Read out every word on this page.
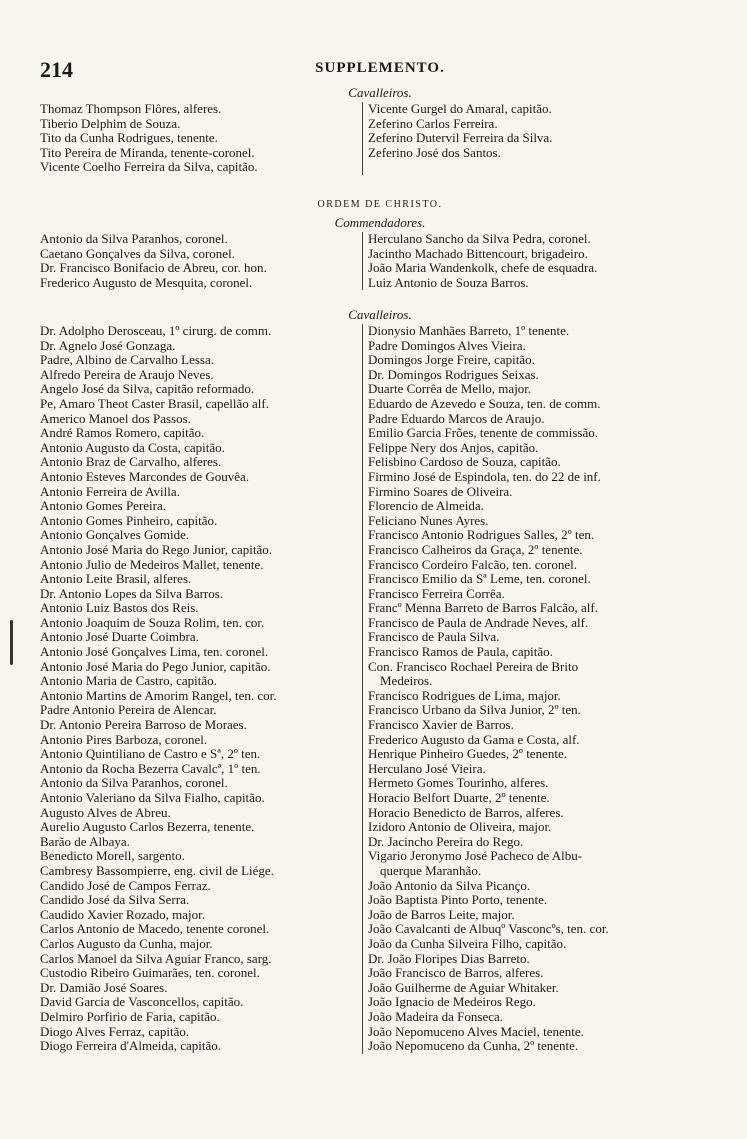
214	SUPPLEMENTO.
Cavalleiros.
Thomaz Thompson Flôres, alferes.
Tiberio Delphim de Souza.
Tito da Cunha Rodrigues, tenente.
Tito Pereira de Miranda, tenente-coronel.
Vicente Coelho Ferreira da Silva, capitão.
Vicente Gurgel do Amaral, capitão.
Zeferino Carlos Ferreira.
Zeferino Dutervil Ferreira da Silva.
Zeferino José dos Santos.
ORDEM DE CHRISTO.
Commendadores.
Antonio da Silva Paranhos, coronel.
Caetano Gonçalves da Silva, coronel.
Dr. Francisco Bonifacio de Abreu, cor. hon.
Frederico Augusto de Mesquita, coronel.
Herculano Sancho da Silva Pedra, coronel.
Jacintho Machado Bittencourt, brigadeiro.
João Maria Wandenkolk, chefe de esquadra.
Luiz Antonio de Souza Barros.
Cavalleiros.
Dr. Adolpho Derosceau, 1º cirurg. de comm.
Dr. Agnelo José Gonzaga.
Padre, Albino de Carvalho Lessa.
Alfredo Pereira de Araujo Neves.
Angelo José da Silva, capitão reformado.
Pe, Amaro Theot Caster Brasil, capellão alf.
Americo Manoel dos Passos.
André Ramos Romero, capitão.
Antonio Augusto da Costa, capitão.
Antonio Braz de Carvalho, alferes.
Antonio Esteves Marcondes de Gouvêa.
Antonio Ferreira de Avilla.
Antonio Gomes Pereira.
Antonio Gomes Pinheiro, capitão.
Antonio Gonçalves Gomide.
Antonio José Maria do Rego Junior, capitão.
Antonio Julio de Medeiros Mallet, tenente.
Antonio Leite Brasil, alferes.
Dr. Antonio Lopes da Silva Barros.
Antonio Luiz Bastos dos Reis.
Antonio Joaquim de Souza Rolim, ten. cor.
Antonio José Duarte Coimbra.
Antonio José Gonçalves Lima, ten. coronel.
Antonio José Maria do Pego Junior, capitão.
Antonio Maria de Castro, capitão.
Antonio Martins de Amorim Rangel, ten. cor.
Padre Antonio Pereira de Alencar.
Dr. Antonio Pereira Barroso de Moraes.
Antonio Pires Barboza, coronel.
Antonio Quintiliano de Castro e Sª, 2º ten.
Antonio da Rocha Bezerra Cavalcª, 1º ten.
Antonio da Silva Paranhos, coronel.
Antonio Valeriano da Silva Fialho, capitão.
Augusto Alves de Abreu.
Aurelio Augusto Carlos Bezerra, tenente.
Barão de Albaya.
Benedicto Morell, sargento.
Cambresy Bassompierre, eng. civil de Liége.
Candido José de Campos Ferraz.
Candido José da Silva Serra.
Caudido Xavier Rozado, major.
Carlos Antonio de Macedo, tenente coronel.
Carlos Augusto da Cunha, major.
Carlos Manoel da Silva Aguiar Franco, sarg.
Custodio Ribeiro Guimarães, ten. coronel.
Dr. Damião José Soares.
David Garcia de Vasconcellos, capitão.
Delmiro Porfirio de Faria, capitão.
Diogo Alves Ferraz, capitão.
Diogo Ferreira d'Almeida, capitão.
Dionysio Manhães Barreto, 1º tenente.
Padre Domingos Alves Vieira.
Domingos Jorge Freire, capitão.
Dr. Domingos Rodrigues Seixas.
Duarte Corrêa de Mello, major.
Eduardo de Azevedo e Souza, ten. de comm.
Padre Eduardo Marcos de Araujo.
Emilio Garcia Frões, tenente de commissão.
Felippe Nery dos Anjos, capitão.
Felisbino Cardoso de Souza, capitão.
Firmino José de Espindola, ten. do 22 de inf.
Firmino Soares de Oliveira.
Florencio de Almeida.
Feliciano Nunes Ayres.
Francisco Antonio Rodrigues Salles, 2º ten.
Francisco Calheiros da Graça, 2º tenente.
Francisco Cordeiro Falcão, ten. coronel.
Francisco Emilio da Sª Leme, ten. coronel.
Francisco Ferreira Corrêa.
Francº Menna Barreto de Barros Falcão, alf.
Francisco de Paula de Andrade Neves, alf.
Francisco de Paula Silva.
Francisco Ramos de Paula, capitão.
Con. Francisco Rochael Pereira de Brito
Medeiros.
Francisco Rodrigues de Lima, major.
Francisco Urbano da Silva Junior, 2º ten.
Francisco Xavier de Barros.
Frederico Augusto da Gama e Costa, alf.
Henrique Pinheiro Guedes, 2º tenente.
Herculano José Vieira.
Hermeto Gomes Tourinho, alferes.
Horacio Belfort Duarte, 2º tenente.
Horacio Benedicto de Barros, alferes.
Izidoro Antonio de Oliveira, major.
Dr. Jacincho Pereira do Rego.
Vigario Jeronymo José Pacheco de Albu-
querque Maranhão.
João Antonio da Silva Picanço.
João Baptista Pinto Porto, tenente.
João de Barros Leite, major.
João Cavalcanti de Albuqº Vasconcºs, ten. cor.
João da Cunha Silveira Filho, capitão.
Dr. João Floripes Dias Barreto.
João Francisco de Barros, alferes.
João Guilherme de Aguiar Whitaker.
João Ignacio de Medeiros Rego.
João Madeira da Fonseca.
João Nepomuceno Alves Maciel, tenente.
João Nepomuceno da Cunha, 2º tenente.
